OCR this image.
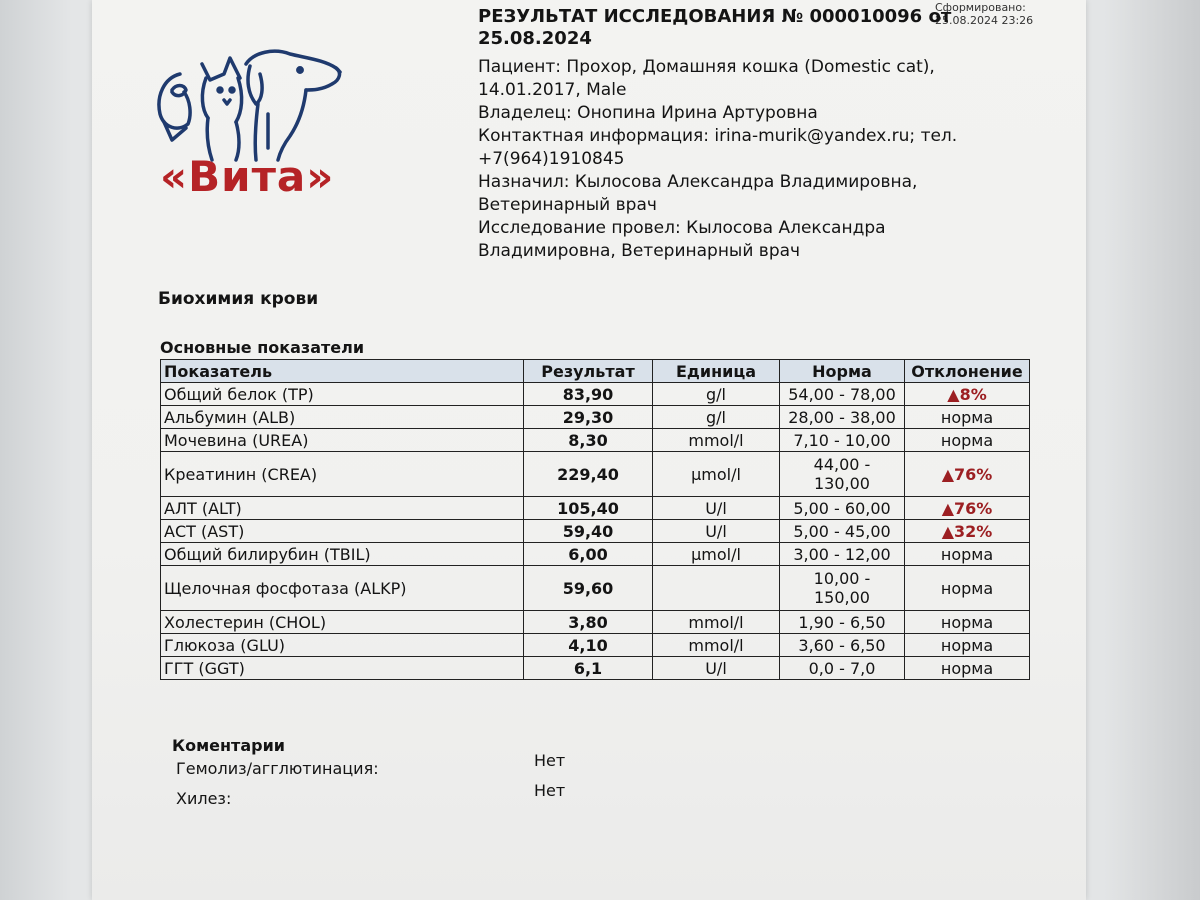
Сформировано: 25.08.2024 23:26
«Вита»
РЕЗУЛЬТАТ ИССЛЕДОВАНИЯ № 000010096 от
25.08.2024
Пациент: Прохор, Домашняя кошка (Domestic cat),
14.01.2017, Male
Владелец: Онопина Ирина Артуровна
Контактная информация: irina-murik@yandex.ru; тел.
+7(964)1910845
Назначил: Кылосова Александра Владимировна,
Ветеринарный врач
Исследование провел: Кылосова Александра
Владимировна, Ветеринарный врач
Биохимия крови
Основные показатели
Показатель	Результат	Единица	Норма	Отклонение
Общий белок (TP)	83,90	g/l	54,00 - 78,00	▲8%
Альбумин (ALB)	29,30	g/l	28,00 - 38,00	норма
Мочевина (UREA)	8,30	mmol/l	7,10 - 10,00	норма
Креатинин (CREA)	229,40	µmol/l	44,00 -
130,00	▲76%
АЛТ (ALT)	105,40	U/l	5,00 - 60,00	▲76%
АСТ (AST)	59,40	U/l	5,00 - 45,00	▲32%
Общий билирубин (TBIL)	6,00	µmol/l	3,00 - 12,00	норма
Щелочная фосфотаза (ALKP)	59,60		10,00 -
150,00	норма
Холестерин (CHOL)	3,80	mmol/l	1,90 - 6,50	норма
Глюкоза (GLU)	4,10	mmol/l	3,60 - 6,50	норма
ГГТ (GGT)	6,1	U/l	0,0 - 7,0	норма
Коментарии
Гемолиз/агглютинация:	Нет
Хилез:	Нет
